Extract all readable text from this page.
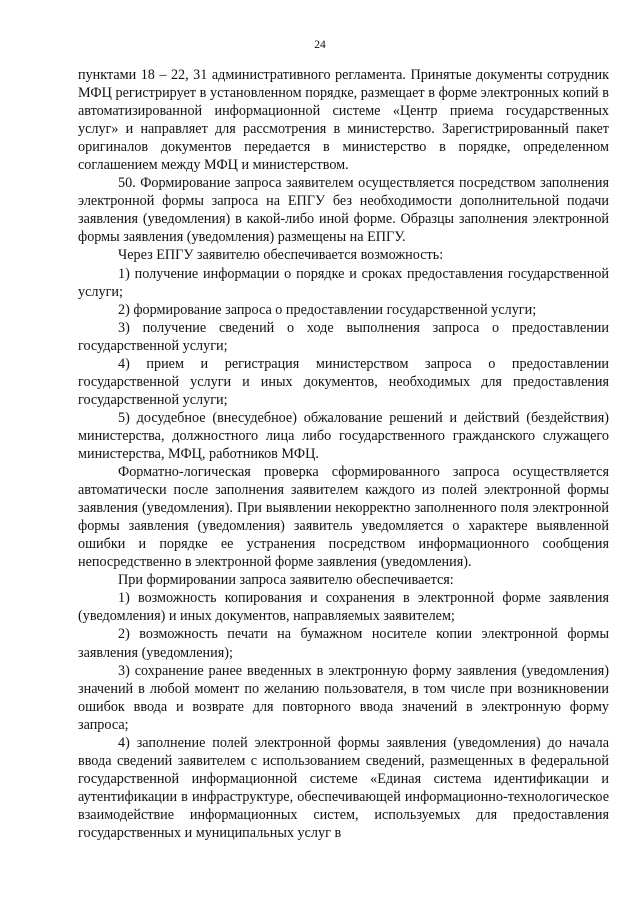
24

пунктами 18 – 22, 31 административного регламента. Принятые документы сотрудник МФЦ регистрирует в установленном порядке, размещает в форме электронных копий в автоматизированной информационной системе «Центр приема государственных услуг» и направляет для рассмотрения в министерство. Зарегистрированный пакет оригиналов документов передается в министерство в порядке, определенном соглашением между МФЦ и министерством.

50. Формирование запроса заявителем осуществляется посредством заполнения электронной формы запроса на ЕПГУ без необходимости дополнительной подачи заявления (уведомления) в какой-либо иной форме. Образцы заполнения электронной формы заявления (уведомления) размещены на ЕПГУ.

Через ЕПГУ заявителю обеспечивается возможность:

1) получение информации о порядке и сроках предоставления государственной услуги;

2) формирование запроса о предоставлении государственной услуги;

3) получение сведений о ходе выполнения запроса о предоставлении государственной услуги;

4) прием и регистрация министерством запроса о предоставлении государственной услуги и иных документов, необходимых для предоставления государственной услуги;

5) досудебное (внесудебное) обжалование решений и действий (бездействия) министерства, должностного лица либо государственного гражданского служащего министерства, МФЦ, работников МФЦ.

Форматно-логическая проверка сформированного запроса осуществляется автоматически после заполнения заявителем каждого из полей электронной формы заявления (уведомления). При выявлении некорректно заполненного поля электронной формы заявления (уведомления) заявитель уведомляется о характере выявленной ошибки и порядке ее устранения посредством информационного сообщения непосредственно в электронной форме заявления (уведомления).

При формировании запроса заявителю обеспечивается:

1) возможность копирования и сохранения в электронной форме заявления (уведомления) и иных документов, направляемых заявителем;

2) возможность печати на бумажном носителе копии электронной формы заявления (уведомления);

3) сохранение ранее введенных в электронную форму заявления (уведомления) значений в любой момент по желанию пользователя, в том числе при возникновении ошибок ввода и возврате для повторного ввода значений в электронную форму запроса;

4) заполнение полей электронной формы заявления (уведомления) до начала ввода сведений заявителем с использованием сведений, размещенных в федеральной государственной информационной системе «Единая система идентификации и аутентификации в инфраструктуре, обеспечивающей информационно-технологическое взаимодействие информационных систем, используемых для предоставления государственных и муниципальных услуг в
